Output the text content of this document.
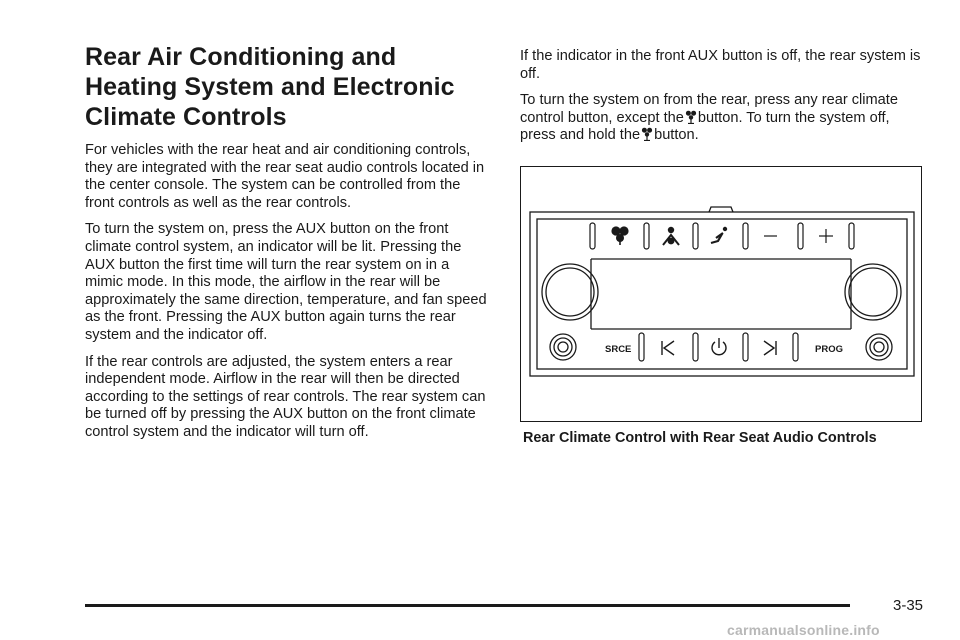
Rear Air Conditioning and Heating System and Electronic Climate Controls

For vehicles with the rear heat and air conditioning controls, they are integrated with the rear seat audio controls located in the center console. The system can be controlled from the front controls as well as the rear controls.

To turn the system on, press the AUX button on the front climate control system, an indicator will be lit. Pressing the AUX button the first time will turn the rear system on in a mimic mode. In this mode, the airflow in the rear will be approximately the same direction, temperature, and fan speed as the front. Pressing the AUX button again turns the rear system and the indicator off.

If the rear controls are adjusted, the system enters a rear independent mode. Airflow in the rear will then be directed according to the settings of rear controls. The rear system can be turned off by pressing the AUX button on the front climate control system and the indicator will turn off.

If the indicator in the front AUX button is off, the rear system is off.

To turn the system on from the rear, press any rear climate control button, except the button. To turn the system off, press and hold the button.

SRCE	PROG
Rear Climate Control with Rear Seat Audio Controls
3-35
carmanualsonline.info
